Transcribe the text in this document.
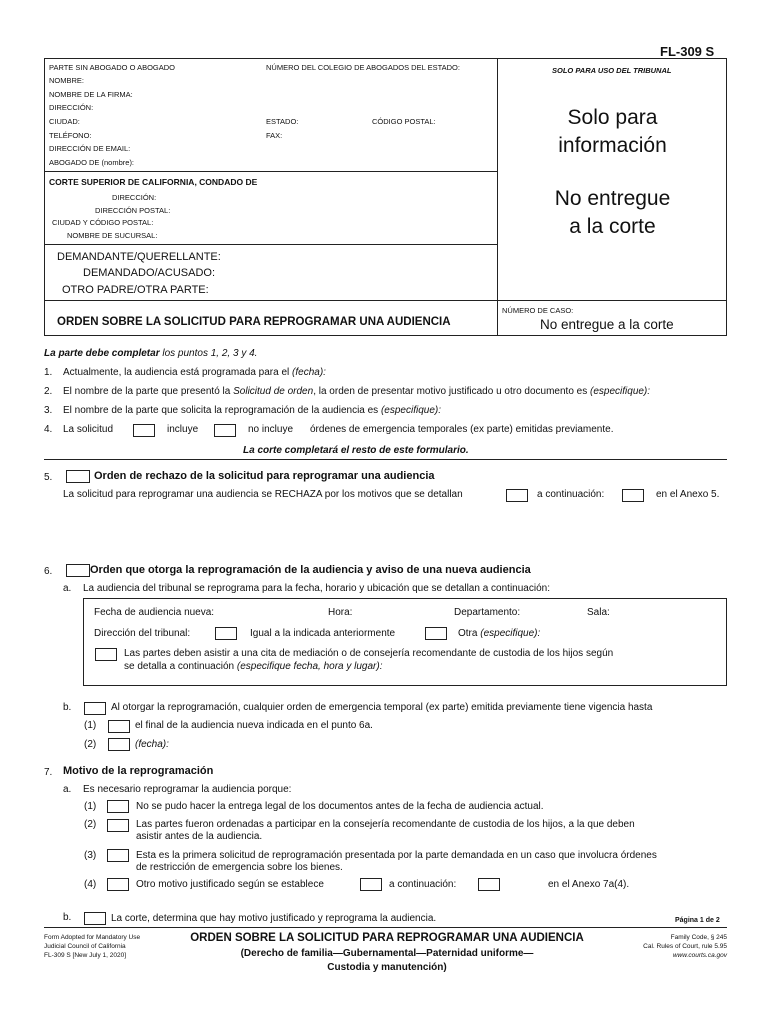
FL-309 S
PARTE SIN ABOGADO O ABOGADO	NÚMERO DEL COLEGIO DE ABOGADOS DEL ESTADO:	SOLO PARA USO DEL TRIBUNAL
NOMBRE:
NOMBRE DE LA FIRMA:
DIRECCIÓN:
CIUDAD:	ESTADO:	CÓDIGO POSTAL:
TELÉFONO:	FAX:
DIRECCIÓN DE EMAIL:
ABOGADO DE (nombre):
CORTE SUPERIOR DE CALIFORNIA, CONDADO DE
DIRECCIÓN:
DIRECCIÓN POSTAL:
CIUDAD Y CÓDIGO POSTAL:
NOMBRE DE SUCURSAL:
DEMANDANTE/QUERELLANTE:
DEMANDADO/ACUSADO:
OTRO PADRE/OTRA PARTE:
ORDEN SOBRE LA SOLICITUD PARA REPROGRAMAR UNA AUDIENCIA
NÚMERO DE CASO:
No entregue a la corte
Solo para
información
No entregue
a la corte
La parte debe completar los puntos 1, 2, 3 y 4.
1. Actualmente, la audiencia está programada para el (fecha):
2. El nombre de la parte que presentó la Solicitud de orden, la orden de presentar motivo justificado u otro documento es (especifique):
3. El nombre de la parte que solicita la reprogramación de la audiencia es (especifique):
4. La solicitud	incluye	no incluye órdenes de emergencia temporales (ex parte) emitidas previamente.
La corte completará el resto de este formulario.
5.	Orden de rechazo de la solicitud para reprogramar una audiencia
La solicitud para reprogramar una audiencia se RECHAZA por los motivos que se detallan	a continuación:	en el Anexo 5.
6.	Orden que otorga la reprogramación de la audiencia y aviso de una nueva audiencia
a. La audiencia del tribunal se reprograma para la fecha, horario y ubicación que se detallan a continuación:
Fecha de audiencia nueva:	Hora:	Departamento:	Sala:
Dirección del tribunal:	Igual a la indicada anteriormente	Otra (especifique):
Las partes deben asistir a una cita de mediación o de consejería recomendante de custodia de los hijos según
se detalla a continuación (especifique fecha, hora y lugar):
b.	Al otorgar la reprogramación, cualquier orden de emergencia temporal (ex parte) emitida previamente tiene vigencia hasta
(1)	el final de la audiencia nueva indicada en el punto 6a.
(2)	(fecha):
7. Motivo de la reprogramación
a. Es necesario reprogramar la audiencia porque:
(1)	No se pudo hacer la entrega legal de los documentos antes de la fecha de audiencia actual.
(2)	Las partes fueron ordenadas a participar en la consejería recomendante de custodia de los hijos, a la que deben
asistir antes de la audiencia.
(3)	Esta es la primera solicitud de reprogramación presentada por la parte demandada en un caso que involucra órdenes
de restricción de emergencia sobre los bienes.
(4)	Otro motivo justificado según se establece	a continuación:	en el Anexo 7a(4).
b.	La corte, determina que hay motivo justificado y reprograma la audiencia.	Página 1 de 2
Form Adopted for Mandatory Use
Judicial Council of California
FL-309 S [New July 1, 2020]
ORDEN SOBRE LA SOLICITUD PARA REPROGRAMAR UNA AUDIENCIA
(Derecho de familia—Gubernamental—Paternidad uniforme—
Custodia y manutención)
Family Code, § 245
Cal. Rules of Court, rule 5.95
www.courts.ca.gov
